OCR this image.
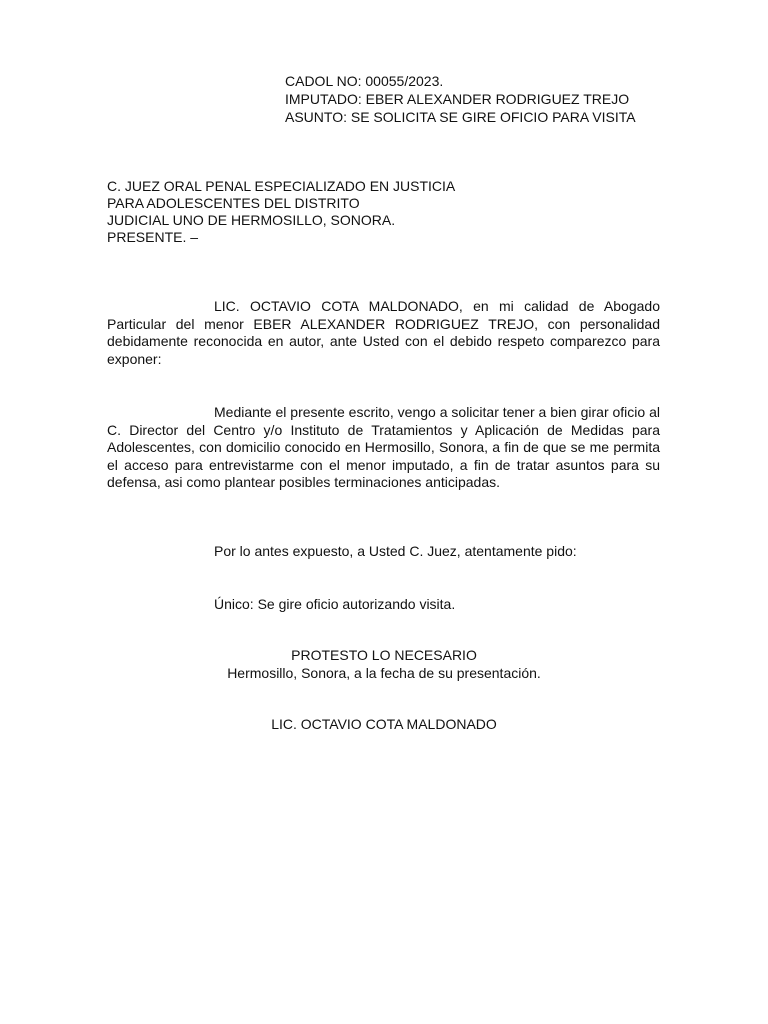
CADOL NO: 00055/2023.
IMPUTADO: EBER ALEXANDER RODRIGUEZ TREJO
ASUNTO: SE SOLICITA SE GIRE OFICIO PARA VISITA
C. JUEZ ORAL PENAL ESPECIALIZADO EN JUSTICIA
PARA ADOLESCENTES DEL DISTRITO
JUDICIAL UNO DE HERMOSILLO, SONORA.
PRESENTE. –
LIC. OCTAVIO COTA MALDONADO, en mi calidad de Abogado Particular del menor EBER ALEXANDER RODRIGUEZ TREJO, con personalidad debidamente reconocida en autor, ante Usted con el debido respeto comparezco para exponer:
Mediante el presente escrito, vengo a solicitar tener a bien girar oficio al C. Director del Centro y/o Instituto de Tratamientos y Aplicación de Medidas para Adolescentes, con domicilio conocido en Hermosillo, Sonora, a fin de que se me permita el acceso para entrevistarme con el menor imputado, a fin de tratar asuntos para su defensa, asi como plantear posibles terminaciones anticipadas.
Por lo antes expuesto, a Usted C. Juez, atentamente pido:
Único: Se gire oficio autorizando visita.
PROTESTO LO NECESARIO
Hermosillo, Sonora, a la fecha de su presentación.
LIC. OCTAVIO COTA MALDONADO
